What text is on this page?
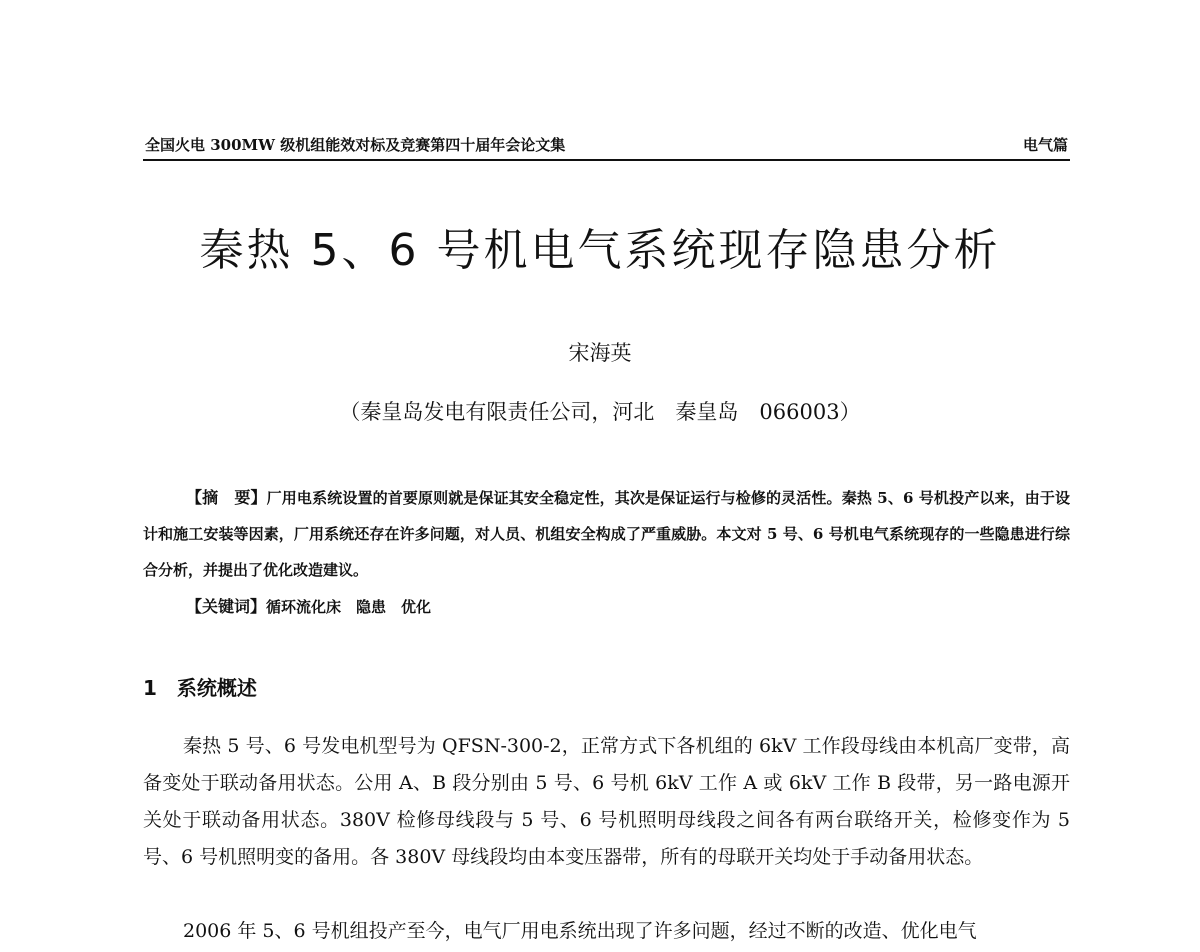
全国火电 300MW 级机组能效对标及竞赛第四十届年会论文集	电气篇
秦热 5、6 号机电气系统现存隐患分析
宋海英
（秦皇岛发电有限责任公司，河北　秦皇岛　066003）
【摘　要】厂用电系统设置的首要原则就是保证其安全稳定性，其次是保证运行与检修的灵活性。秦热 5、6 号机投产以来，由于设计和施工安装等因素，厂用系统还存在许多问题，对人员、机组安全构成了严重威胁。本文对 5 号、6 号机电气系统现存的一些隐患进行综合分析，并提出了优化改造建议。
【关键词】循环流化床　隐患　优化
1　系统概述
秦热 5 号、6 号发电机型号为 QFSN-300-2，正常方式下各机组的 6kV 工作段母线由本机高厂变带，高备变处于联动备用状态。公用 A、B 段分别由 5 号、6 号机 6kV 工作 A 或 6kV 工作 B 段带，另一路电源开关处于联动备用状态。380V 检修母线段与 5 号、6 号机照明母线段之间各有两台联络开关，检修变作为 5 号、6 号机照明变的备用。各 380V 母线段均由本变压器带，所有的母联开关均处于手动备用状态。
2006 年 5、6 号机组投产至今，电气厂用电系统出现了许多问题，经过不断的改造、优化电气
